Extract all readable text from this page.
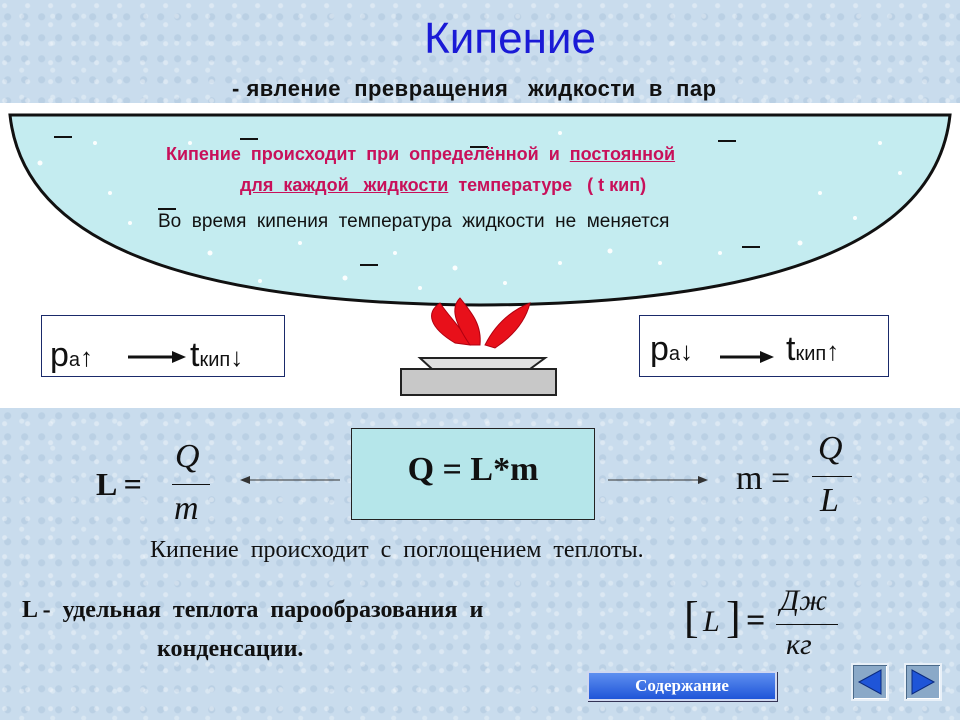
Кипение
- явление  превращения   жидкости  в  пар
Кипение  происходит  при  определённой  и  постоянной
для  каждой   жидкости  температуре   ( t кип)
Во  время  кипения  температура  жидкости  не  меняется
pа↑	tкип↓	pа↓	tкип↑
Q = L*m
L =
Q
m
m =
Q
L
Кипение  происходит  с  поглощением  теплоты.
L -  удельная  теплота  парообразования  и
конденсации.
[ L ] =
Дж
кг
Содержание
